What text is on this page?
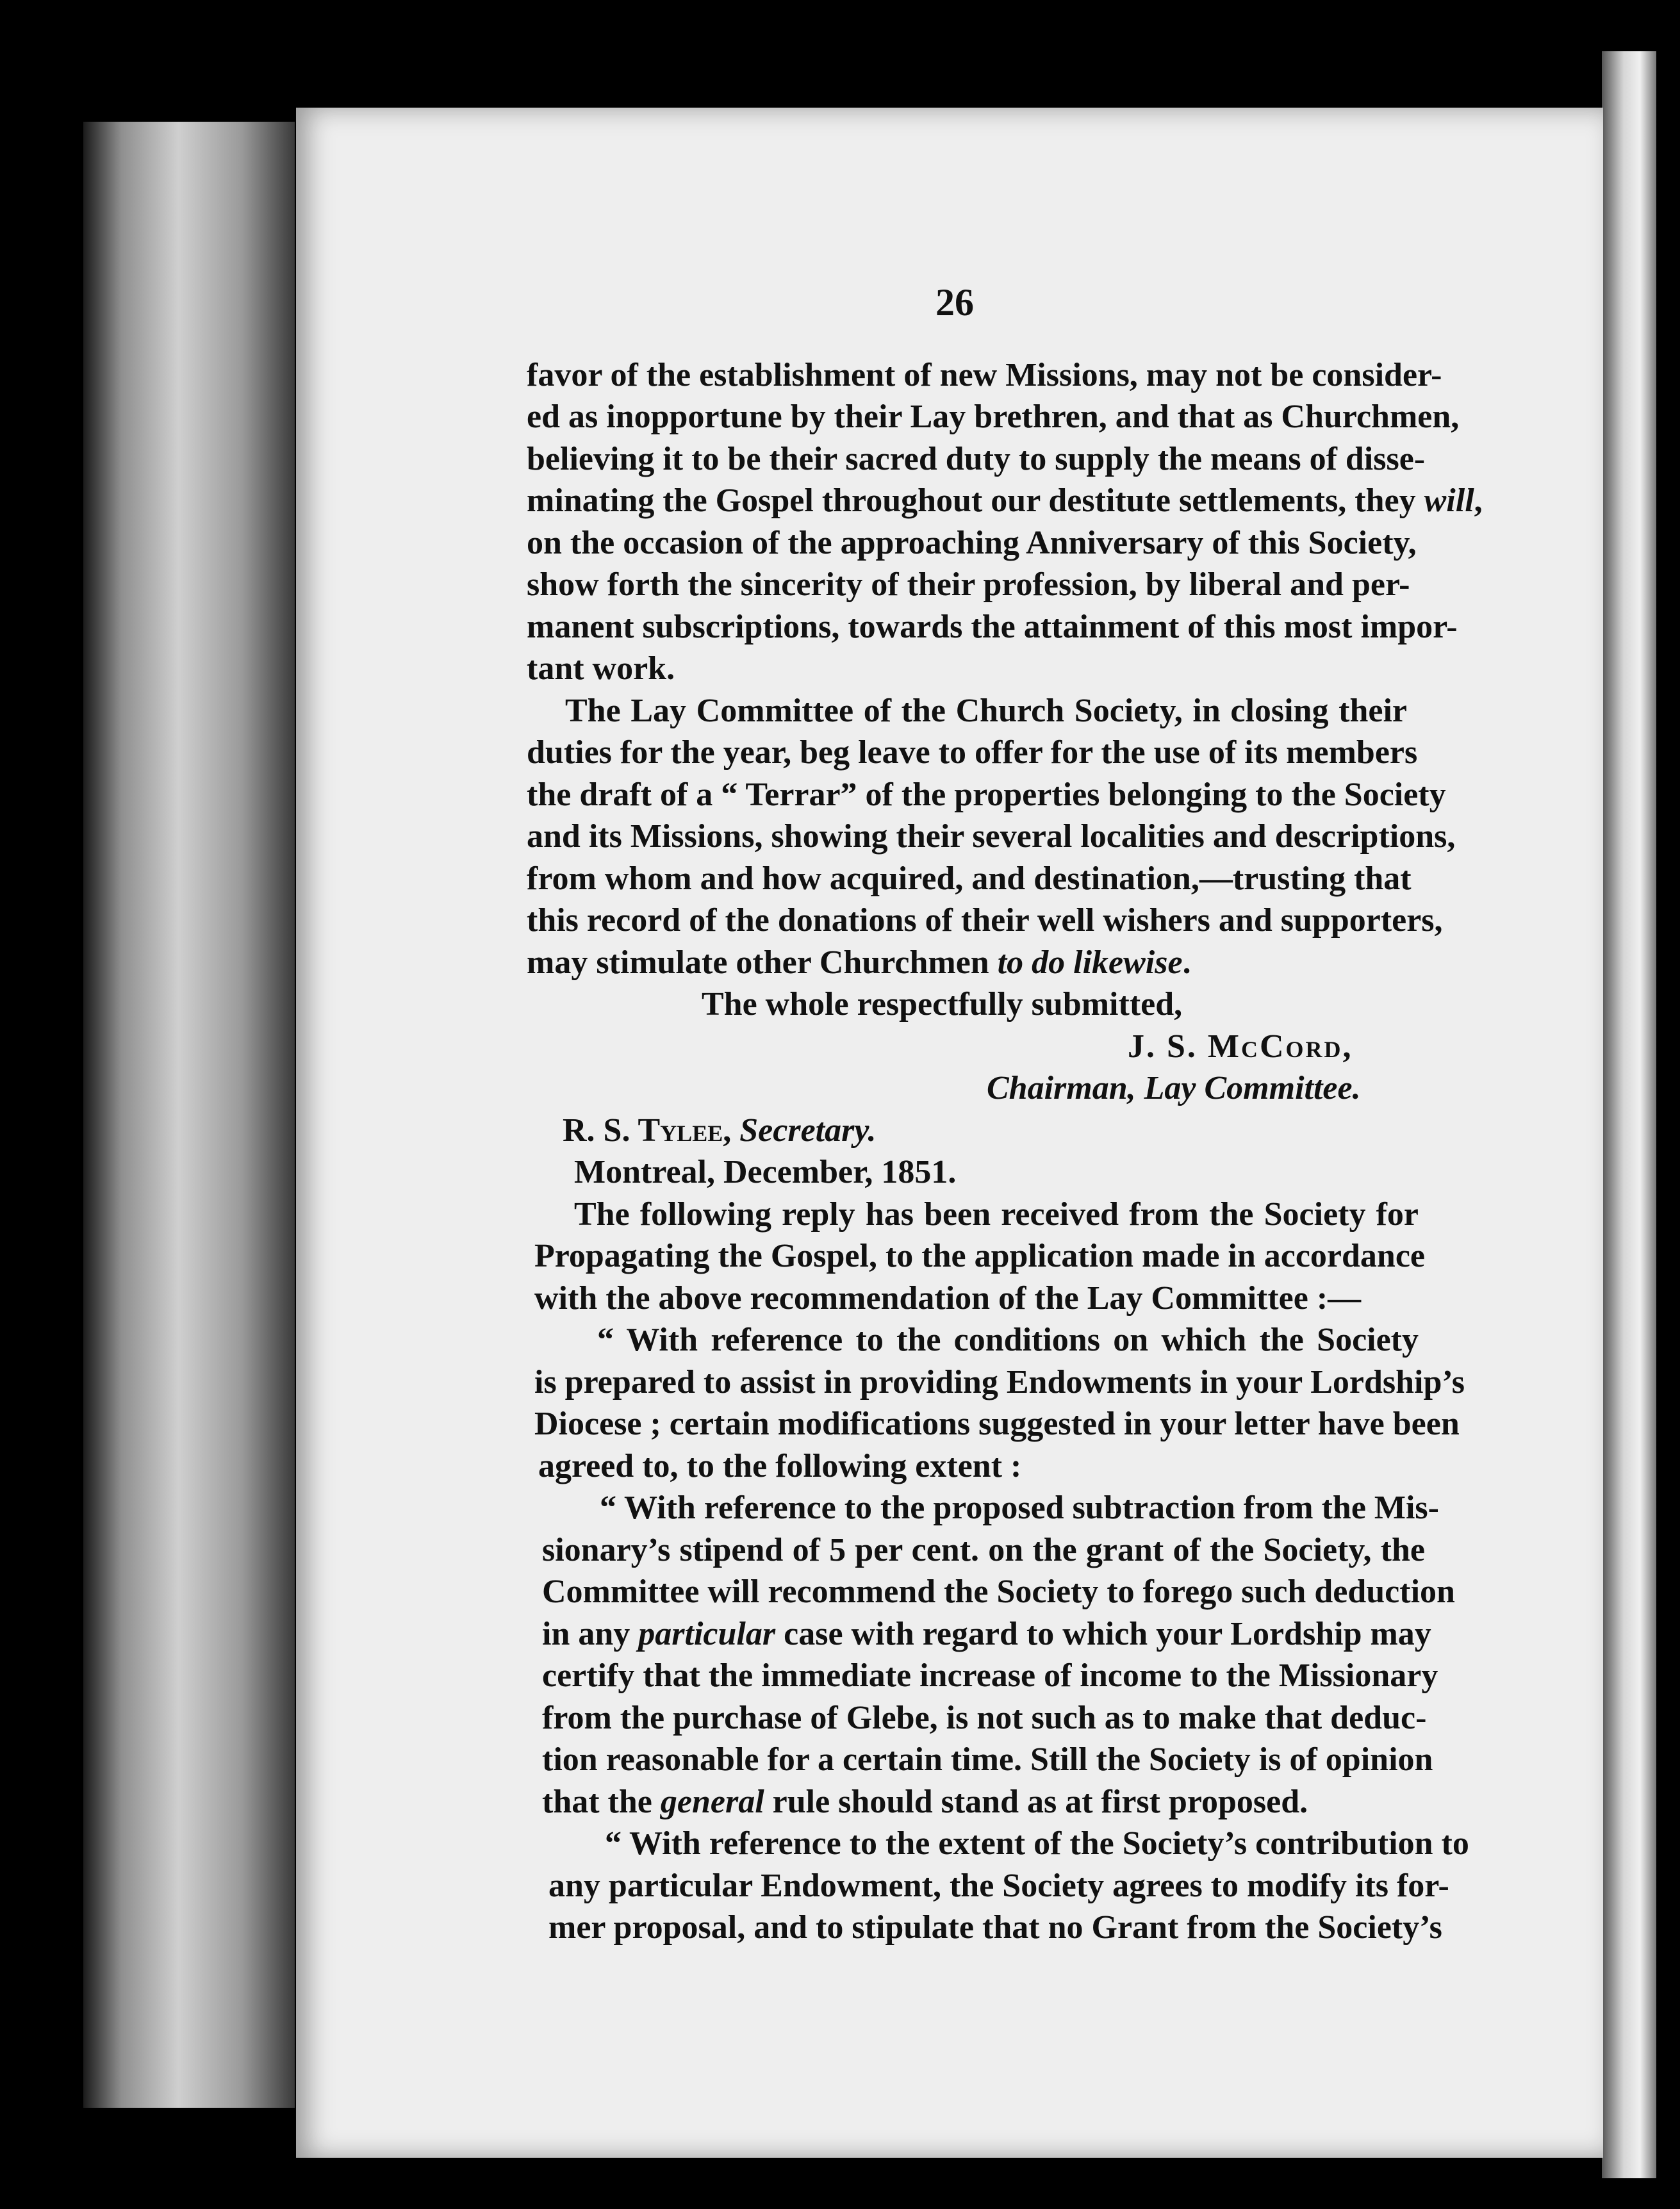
26
favor of the establishment of new Missions, may not be consider-
ed as inopportune by their Lay brethren, and that as Churchmen,
believing it to be their sacred duty to supply the means of disse-
minating the Gospel throughout our destitute settlements, they will,
on the occasion of the approaching Anniversary of this Society,
show forth the sincerity of their profession, by liberal and per-
manent subscriptions, towards the attainment of this most impor-
tant work.
The Lay Committee of the Church Society, in closing their
duties for the year, beg leave to offer for the use of its members
the draft of a “ Terrar” of the properties belonging to the Society
and its Missions, showing their several localities and descriptions,
from whom and how acquired, and destination,—trusting that
this record of the donations of their well wishers and supporters,
may stimulate other Churchmen to do likewise.
The whole respectfully submitted,
J. S. McCord,
Chairman, Lay Committee.
R. S. Tylee, Secretary.
Montreal, December, 1851.
The following reply has been received from the Society for
Propagating the Gospel, to the application made in accordance
with the above recommendation of the Lay Committee :—
“ With reference to the conditions on which the Society
is prepared to assist in providing Endowments in your Lordship’s
Diocese ; certain modifications suggested in your letter have been
agreed to, to the following extent :
“ With reference to the proposed subtraction from the Mis-
sionary’s stipend of 5 per cent. on the grant of the Society, the
Committee will recommend the Society to forego such deduction
in any particular case with regard to which your Lordship may
certify that the immediate increase of income to the Missionary
from the purchase of Glebe, is not such as to make that deduc-
tion reasonable for a certain time. Still the Society is of opinion
that the general rule should stand as at first proposed.
“ With reference to the extent of the Society’s contribution to
any particular Endowment, the Society agrees to modify its for-
mer proposal, and to stipulate that no Grant from the Society’s
